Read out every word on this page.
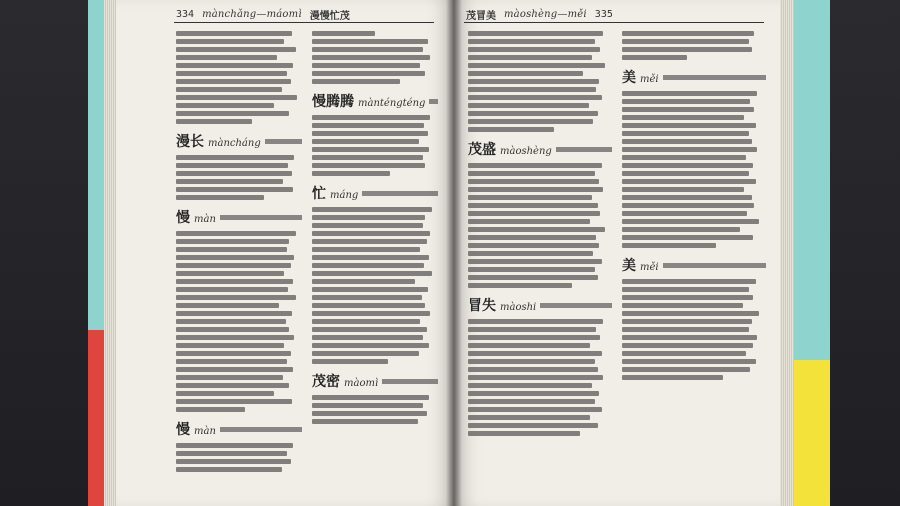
334 mànchǎng—máomì 漫慢忙茂
漫长 màncháng
慢 màn
慢 màn
慢腾腾 mànténgténg
忙 máng
茂密 màomì
茂冒美 màoshèng—měi 335
茂盛 màoshèng
冒失 màoshi
美 měi
美 měi
